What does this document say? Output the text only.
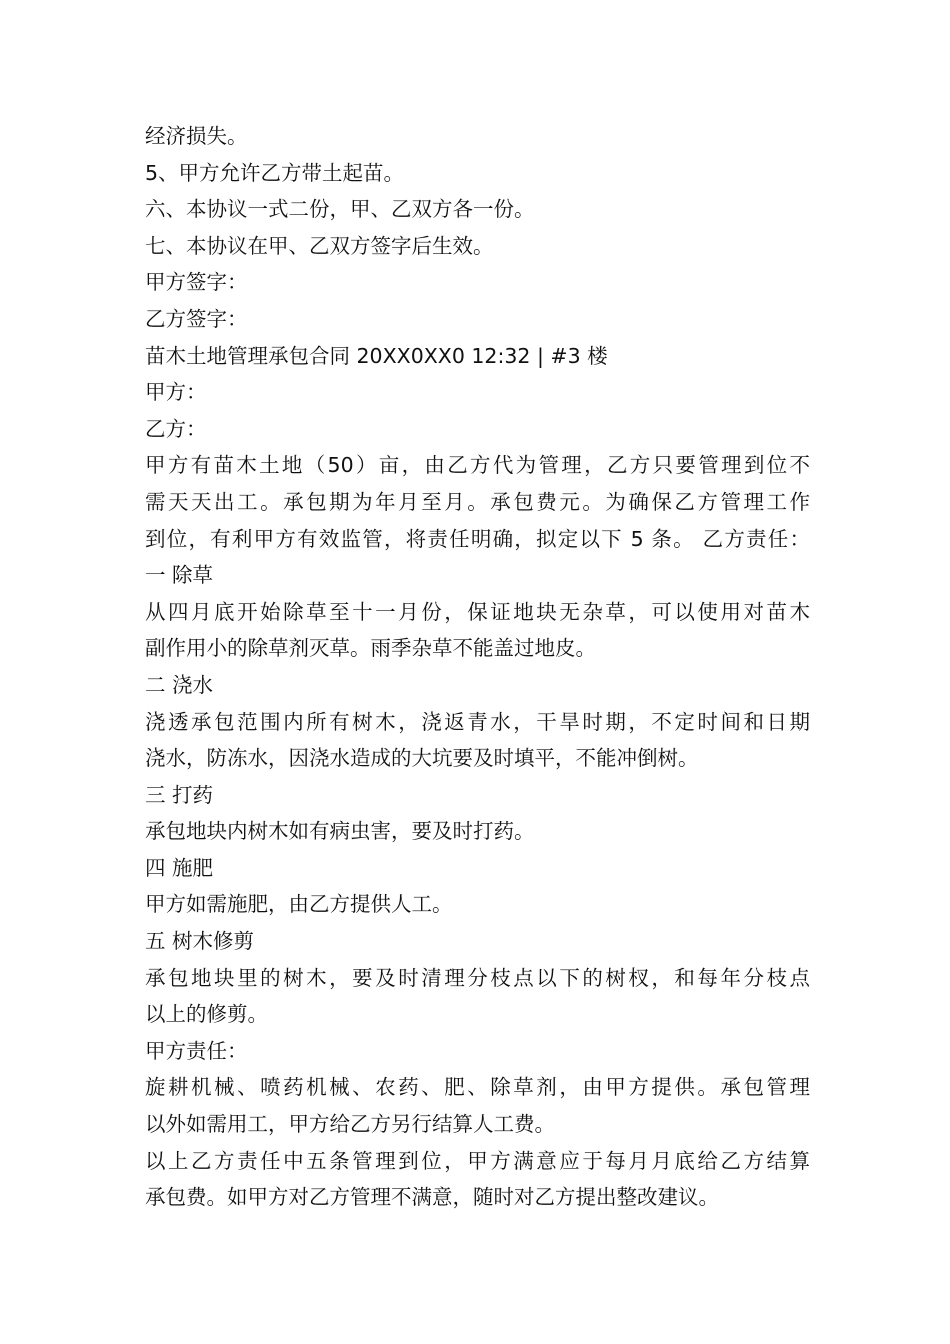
经济损失。
5、甲方允许乙方带土起苗。
六、本协议一式二份，甲、乙双方各一份。
七、本协议在甲、乙双方签字后生效。
甲方签字：
乙方签字：
苗木土地管理承包合同 20XX0XX0 12:32 | #3 楼
甲方：
乙方：
甲方有苗木土地（50）亩，由乙方代为管理，乙方只要管理到位不
需天天出工。承包期为年月至月。承包费元。为确保乙方管理工作
到位，有利甲方有效监管，将责任明确，拟定以下 5 条。 乙方责任：
一 除草
从四月底开始除草至十一月份，保证地块无杂草，可以使用对苗木
副作用小的除草剂灭草。雨季杂草不能盖过地皮。
二 浇水
浇透承包范围内所有树木，浇返青水，干旱时期，不定时间和日期
浇水，防冻水，因浇水造成的大坑要及时填平，不能冲倒树。
三 打药
承包地块内树木如有病虫害，要及时打药。
四 施肥
甲方如需施肥，由乙方提供人工。
五 树木修剪
承包地块里的树木，要及时清理分枝点以下的树杈，和每年分枝点
以上的修剪。
甲方责任：
旋耕机械、喷药机械、农药、肥、除草剂，由甲方提供。承包管理
以外如需用工，甲方给乙方另行结算人工费。
以上乙方责任中五条管理到位，甲方满意应于每月月底给乙方结算
承包费。如甲方对乙方管理不满意，随时对乙方提出整改建议。
